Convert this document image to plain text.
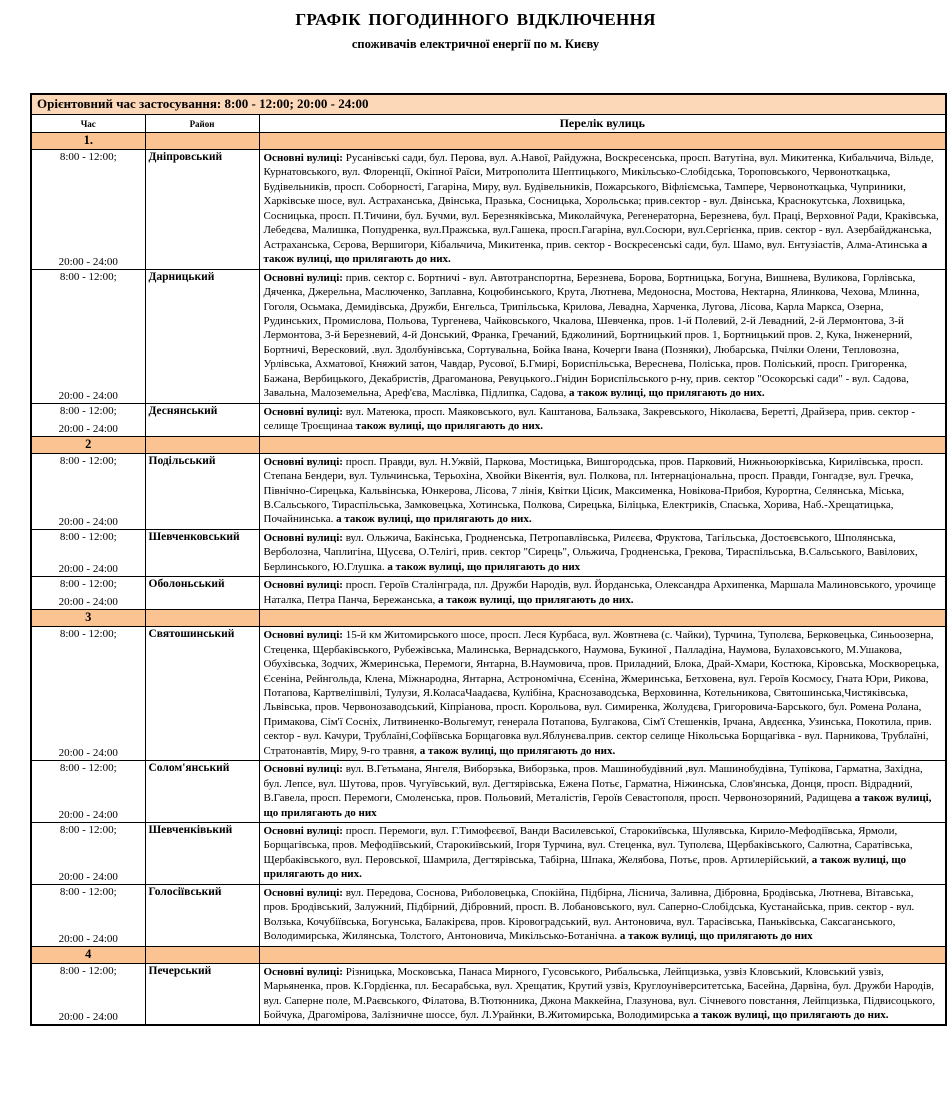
ГРАФІК ПОГОДИННОГО ВІДКЛЮЧЕННЯ
споживачів електричної енергії по м. Києву
Орієнтовний час застосування: 8:00 - 12:00; 20:00 - 24:00		
Час	Район	Перелік вулиць
1.		

8:00 - 12:00;
20:00 - 24:00	Дніпровський	Основні вулиці: Русанівські сади, бул. Перова, вул. А.Навої, Райдужна, Воскресенська, просп. Ватутіна, вул. Микитенка, Кибальчича, Вільде, Курнатовського, вул. Флоренції, Окіпної Раїси, Митрополита Шептицького, Микільсько-Слобідська, Тороповського, Червоноткацька, Будівельників, просп. Соборності, Гагаріна, Миру, вул. Будівельників, Пожарського, Віфліємська, Тампере, Червоноткацька, Чуприники, Харківське шосе, вул. Астраханська, Двінська, Празька, Сосницька, Хорольська; прив.сектор - вул. Двінська, Краснокутська, Лохвицька, Сосницька, просп. П.Тичини, бул. Бучми, вул. Березняківська, Миколайчука, Регенераторна, Березнева, бул. Праці, Верховної Ради, Краківська, Лебедєва, Малишка, Попудренка, вул.Пражська, вул.Гашека, просп.Гагаріна, вул.Сосюри, вул.Сергієнка, прив. сектор - вул. Азербайджанська, Астраханська, Сєрова, Вершигори, Кібальчича, Микитенка, прив. сектор - Воскресенські сади, бул. Шамо, вул. Ентузіастів, Алма-Атинська а також вулиці, що прилягають до них.

8:00 - 12:00;
20:00 - 24:00	Дарницький	Основні вулиці: прив. сектор с. Бортничі - вул. Автотранспортна, Березнева, Борова, Бортницька, Богуна, Вишнева, Вуликова, Горлівська, Дяченка, Джерельна, Маслюченко, Заплавна, Коцюбинського, Крута, Лютнева, Медоносна, Мостова, Нектарна, Ялинкова, Чехова, Млинна, Гоголя, Осьмака, Демидівська, Дружби, Енгельса, Трипільська, Крилова, Левадна, Харченка, Лугова, Лісова, Карла Маркса, Озерна, Рудинських, Промислова, Польова, Тургенева, Чайковського, Чкалова, Шевченка, пров. 1-й Полевий, 2-й Левадний, 2-й Лермонтова, 3-й Лермонтова, 3-й Березневий, 4-й Донський, Франка, Гречаний, Бджолиний, Бортницький пров. 1, Бортницький пров. 2, Кука, Інженерний, Бортничі, Вересковий, .вул. Здолбунівська, Сортувальна, Бойка Івана, Кочерги Івана (Позняки), Любарська, Пчілки Олени, Тепловозна, Урлівська, Ахматової, Княжий затон, Чавдар, Русової, Б.Гмирі, Бориспільська, Вереснева, Поліська, пров. Поліський, просп. Григоренка, Бажана, Вербицького, Декабристів, Драгоманова, Ревуцького..Гнідин Бориспільського р-ну, прив. сектор "Осокорські сади" - вул. Садова, Завальна, Малоземельна, Ареф'єва, Маслівка, Підлипка, Садова, а також вулиці, що прилягають до них.

8:00 - 12:00;
20:00 - 24:00	Деснянський	Основні вулиці: вул. Матеюка, просп. Маяковського, вул. Каштанова, Бальзака, Закревського, Ніколаєва, Беретті, Драйзера, прив. сектор - селище Троєщинаа також вулиці, що прилягають до них.
2		

8:00 - 12:00;
20:00 - 24:00	Подільський	Основні вулиці: просп. Правди, вул. Н.Ужвій, Паркова, Мостицька, Вишгородська, пров. Парковий, Нижньоюрківська, Кирилівська, просп. Степана Бендери, вул. Тульчинська, Терьохіна, Хвойки Вікентія, вул. Полкова, пл. Інтернаціональна, просп. Правди, Гонгадзе, вул. Гречка, Північно-Сирецька, Кальвінська, Юнкерова, Лісова, 7 лінія, Квітки Цісик, Максименка, Новікова-Прибоя, Курортна, Селянська, Міська, В.Сальського, Тираспільська, Замковецька, Хотинська, Полкова, Сирецька, Біліцька, Електриків, Спаська, Хорива, Наб.-Хрещатицька, Почайнинська. а також вулиці, що прилягають до них.

8:00 - 12:00;
20:00 - 24:00	Шевченковський	Основні вулиці: вул. Ольжича, Бакінська, Гродненська, Петропавлівська, Рилєєва, Фруктова, Тагільська, Достоєвського, Шполянська, Верболозна, Чаплигіна, Щусєва, О.Телігі, прив. сектор "Сирець", Ольжича, Гродненська, Грекова, Тираспільська, В.Сальського, Вавілових, Берлинського, Ю.Глушка. а також вулиці, що прилягають до них

8:00 - 12:00;
20:00 - 24:00	Оболоньський	Основні вулиці: просп. Героїв Сталінграда, пл. Дружби Народів, вул. Йорданська, Олександра Архипенка, Маршала Малиновського, урочище Наталка, Петра Панча, Бережанська, а також вулиці, що прилягають до них.
3		

8:00 - 12:00;
20:00 - 24:00	Святошинський	Основні вулиці: 15-й км Житомирського шосе, просп. Леся Курбаса, вул. Жовтнева (с. Чайки), Турчина, Туполєва, Берковецька, Синьоозерна, Стеценка, Щербаківського, Рубежівська, Малинська, Вернадського, Наумова, Букиної , Палладіна, Наумова, Булаховського, М.Ушакова, Обухівська, Зодчих, Жмеринська, Перемоги, Янтарна, В.Наумовича, пров. Приладний, Блока, Драй-Хмари, Костюка, Кіровська, Москворецька, Єсеніна, Рейнгольда, Клена, Міжнародна, Янтарна, Астрономічна, Єсеніна, Жмеринська, Бетховена, вул. Героїв Космосу, Гната Юри, Рикова, Потапова, Картвелішвілі, Тулузи, Я.КоласаЧаадаєва, Кулібіна, Краснозаводська, Верховинна, Котельникова, Святошинська,Чистяківська, Львівська, пров. Червонозаводський, Кіпріанова, просп. Корольова, вул. Симиренка, Жолудєва, Григоровича-Барського, бул. Ромена Ролана, Примакова, Сім'ї Сосніх, Литвиненко-Вольгемут, генерала Потапова, Булгакова, Сім'ї Стешенків, Ірчана, Авдєєнка, Узинська, Покотила, прив. сектор - вул. Качури, Трублаїні,Софіївська Борщаговка вул.Яблунєва.прив. сектор селище Нікольська Борщагівка - вул. Парникова, Трублаїні, Стратонавтів, Миру, 9-го травня, а також вулиці, що прилягають до них.

8:00 - 12:00;
20:00 - 24:00	Солом'янський	Основні вулиці: вул. В.Гетьмана, Янгеля, Виборзька, Виборзька, пров. Машинобудівний ,вул. Машинобудівна, Тупікова, Гарматна, Західна, бул. Лепсе, вул. Шутова, пров. Чугуївський, вул. Дегтярівська, Ежена Потьє, Гарматна, Ніжинська, Слов'янська, Донця, просп. Відрадний, В.Гавела, просп. Перемоги, Смоленська, пров. Польовий, Металістів, Героїв Севастополя, просп. Червонозоряний, Радищева а також вулиці, що прилягають до них

8:00 - 12:00;
20:00 - 24:00	Шевченківький	Основні вулиці: просп. Перемоги, вул. Г.Тимофєєвої, Ванди Василевської, Старокиївська, Шулявська, Кирило-Мефодіївська, Ярмоли, Борщагівська, пров. Мефодіївський, Старокиївський, Ігоря Турчина, вул. Стеценка, вул. Туполєва, Щербаківського, Салютна, Саратівська, Щербаківського, вул. Перовської, Шамрила, Дегтярівська, Табірна, Шпака, Желябова, Потьє, пров. Артилерійський, а також вулиці, що прилягають до них.

8:00 - 12:00;
20:00 - 24:00	Голосіївський	Основні вулиці: вул. Передова, Соснова, Риболовецька, Спокійна, Підбірна, Ліснича, Заливна, Дібровна, Бродівська, Лютнева, Вітавська, пров. Бродівський, Залужний, Підбірний, Дібровний, просп. В. Лобановського, вул. Саперно-Слобідська, Кустанайська, прив. сектор - вул. Волзька, Кочубіївська, Богунська, Балакірєва, пров. Кіровоградський, вул. Антоновича, вул. Тарасівська, Паньківська, Саксаганського, Володимирська, Жилянська, Толстого, Антоновича, Микільсько-Ботанічна. а також вулиці, що прилягають до них
4		

8:00 - 12:00;
20:00 - 24:00	Печерський	Основні вулиці: Різницька, Московська, Панаса Мирного, Гусовського, Рибальська, Лейпцизька, узвіз Кловський, Кловський узвіз, Марьяненка, пров. К.Гордієнка, пл. Бесарабська, вул. Хрещатик, Крутий узвіз, Круглоуніверситетська, Басейна, Дарвіна, бул. Дружби Народів, вул. Саперне поле, М.Раєвського, Філатова, В.Тютюнника, Джона Маккейна, Глазунова, вул. Січневого повстання, Лейпцизька, Підвисоцького, Бойчука, Драгомірова, Залізничне шоссе, бул. Л.Урайнки, В.Житомирська, Володимирська а також вулиці, що прилягають до них.
